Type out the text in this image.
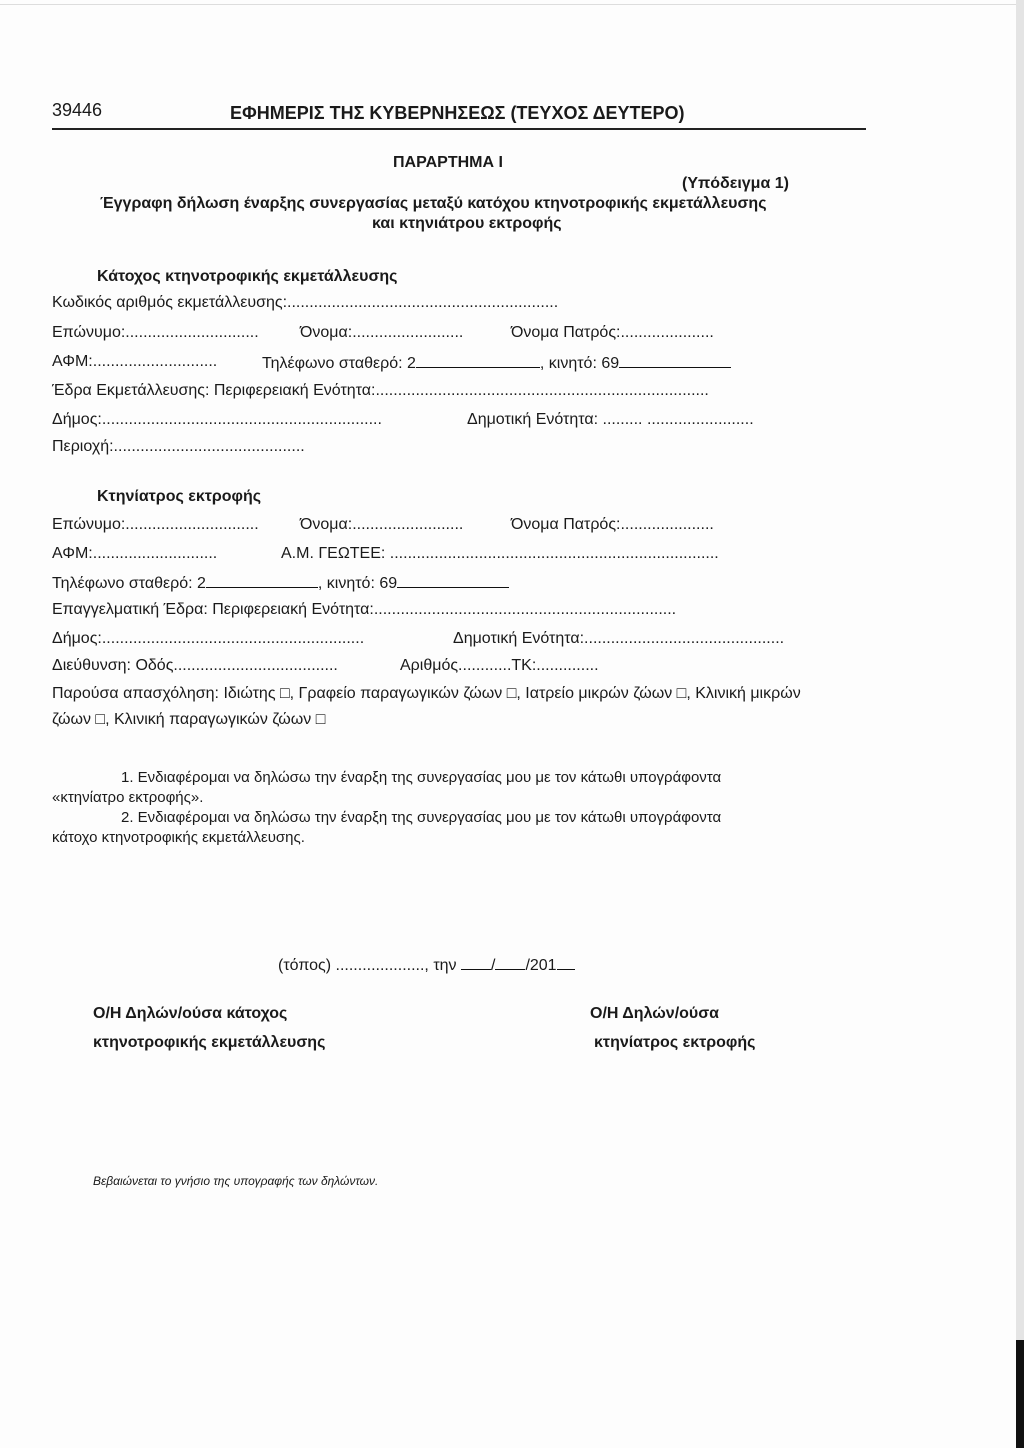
39446	ΕΦΗΜΕΡΙΣ ΤΗΣ ΚΥΒΕΡΝΗΣΕΩΣ (ΤΕΥΧΟΣ ΔΕΥΤΕΡΟ)
ΠΑΡΑΡΤΗΜΑ Ι
(Υπόδειγμα 1)
Έγγραφη δήλωση έναρξης συνεργασίας μεταξύ κατόχου κτηνοτροφικής εκμετάλλευσης
και κτηνιάτρου εκτροφής
Κάτοχος κτηνοτροφικής εκμετάλλευσης
Κωδικός αριθμός εκμετάλλευσης:.............................................................
Επώνυμο:..............................	Όνομα:.........................	Όνομα Πατρός:.....................
ΑΦΜ:............................	Τηλέφωνο σταθερό: 2	, κινητό: 69
Έδρα Εκμετάλλευσης: Περιφερειακή Ενότητα:...........................................................................
Δήμος:...............................................................	Δημοτική Ενότητα: ......... ........................
Περιοχή:...........................................
Κτηνίατρος εκτροφής
Επώνυμο:..............................	Όνομα:.........................	Όνομα Πατρός:.....................
ΑΦΜ:............................	Α.Μ. ΓΕΩΤΕΕ: ..........................................................................
Τηλέφωνο σταθερό: 2	, κινητό: 69
Επαγγελματική Έδρα: Περιφερειακή Ενότητα:....................................................................
Δήμος:...........................................................	Δημοτική Ενότητα:.............................................
Διεύθυνση: Οδός.....................................	Αριθμός............ΤΚ:..............
Παρούσα απασχόληση: Ιδιώτης □, Γραφείο παραγωγικών ζώων □, Ιατρείο μικρών ζώων □, Κλινική μικρών
ζώων □, Κλινική παραγωγικών ζώων □
1. Ενδιαφέρομαι να δηλώσω την έναρξη της συνεργασίας μου με τον κάτωθι υπογράφοντα
«κτηνίατρο εκτροφής».
2. Ενδιαφέρομαι να δηλώσω την έναρξη της συνεργασίας μου με τον κάτωθι υπογράφοντα
κάτοχο κτηνοτροφικής εκμετάλλευσης.
(τόπος) ...................., την / /201
Ο/Η Δηλών/ούσα κάτοχος
κτηνοτροφικής εκμετάλλευσης
Ο/Η Δηλών/ούσα
κτηνίατρος εκτροφής
Βεβαιώνεται το γνήσιο της υπογραφής των δηλώντων.
